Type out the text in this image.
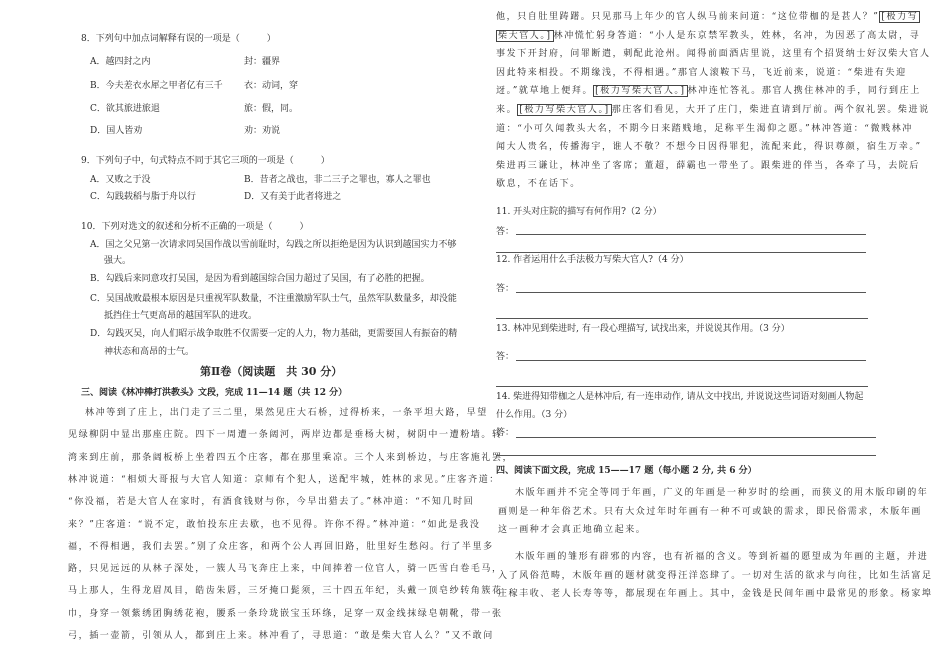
8．下列句中加点词解释有误的一项是（　　　）
A．越四封之内	封：疆界
B．今夫差衣水犀之甲者亿有三千 衣：动词，穿
C．欲其旅进旅退	旅：假，同。
D．国人皆劝	劝：劝说
9．下列句子中，句式特点不同于其它三项的一项是（　　　）
A．又败之于没	B．昔者之战也，非二三子之罪也，寡人之罪也
C．勾践载稻与脂于舟以行	D．又有美于此者将进之
10．下列对选文的叙述和分析不正确的一项是（　　　）
A．国之父兄第一次请求同吴国作战以雪前耻时，勾践之所以拒绝是因为认识到越国实力不够
强大。
B．勾践后来同意攻打吴国，是因为看到越国综合国力超过了吴国，有了必胜的把握。
C．吴国战败最根本原因是只重视军队数量，不注重激励军队士气，虽然军队数量多，却没能
抵挡住士气更高昂的越国军队的进攻。
D．勾践灭吴，向人们昭示战争取胜不仅需要一定的人力，物力基础，更需要国人有振奋的精
神状态和高昂的士气。
第Ⅱ卷（阅读题　共 30 分）
三、阅读《林冲棒打洪教头》文段，完成 11—14 题（共 12 分）
林冲等到了庄上，出门走了三二里，果然见庄大石桥，过得桥来，一条平坦大路，早望
见绿柳阴中显出那座庄院。四下一周遭一条阔河，两岸边都是垂杨大树，树阴中一遭粉墙。转
湾来到庄前，那条阔板桥上坐着四五个庄客，都在那里乘凉。三个人来到桥边，与庄客施礼罢，
林冲说道：“相烦大哥报与大官人知道：京师有个犯人，送配牢城，姓林的求见。”庄客齐道：
“你没福，若是大官人在家时，有酒食钱财与你，今早出猎去了。”林冲道：“不知几时回
来？”庄客道：“说不定，敢怕投东庄去歇，也不见得。许你不得。”林冲道：“如此是我没
福，不得相遇，我们去罢。”别了众庄客，和两个公人再回旧路，肚里好生愁闷。行了半里多
路，只见远远的从林子深处，一簇人马飞奔庄上来，中间捧着一位官人，骑一匹雪白卷毛马，
马上那人，生得龙眉凤目，皓齿朱唇，三牙掩口髭须，三十四五年纪，头戴一顶皂纱转角簇花
巾，身穿一领紫绣团胸绣花袍，腰系一条玲珑嵌宝玉环绦，足穿一双金线抹绿皂朝靴，带一张
弓，插一壶箭，引领从人，都到庄上来。林冲看了，寻思道：“敢是柴大官人么？”又不敢问
他，只自肚里踌躇。只见那马上年少的官人纵马前来问道：“这位带枷的是甚人？” [极力写
柴大官人。] 林冲慌忙躬身答道：“小人是东京禁军教头，姓林，名冲，为因恶了高太尉，寻
事发下开封府，问罪断遣，刺配此沧州。闻得前面酒店里说，这里有个招贤纳士好汉柴大官人
因此特来相投。不期缘浅，不得相遇。”那官人滚鞍下马，飞近前来，说道：“柴进有失迎
迓。”就草地上便拜。 [极力写柴大官人。] 林冲连忙答礼。那官人携住林冲的手，同行到庄上
来。 [极力写柴大官人。] 那庄客们看见，大开了庄门，柴进直请到厅前。两个叙礼罢。柴进说
道：“小可久闻教头大名，不期今日来踏贱地，足称平生渴仰之愿。”林冲答道：“微贱林冲
闻大人贵名，传播海宇，谁人不敬？不想今日因得罪犯，流配来此，得识尊颜，宿生万幸。”
柴进再三谦让，林冲坐了客席；董超，薛霸也一带坐了。跟柴进的伴当，各牵了马，去院后
歇息，不在话下。
11. 开头对庄院的描写有何作用?（2 分）
答：
12. 作者运用什么手法极力写柴大官人?（4 分）
答：
13. 林冲见到柴进时, 有一段心理描写, 试找出来，并说说其作用。（3 分）
答：
14. 柴进得知带枷之人是林冲后, 有一连串动作, 请从文中找出, 并说说这些词语对刻画人物起
什么作用。（3 分）
答：
四、阅读下面文段，完成 15——17 题（每小题 2 分, 共 6 分）
木版年画并不完全等同于年画，广义的年画是一种岁时的绘画，而狭义的用木版印刷的年
画则是一种年俗艺术。只有大众过年时年画有一种不可或缺的需求，即民俗需求，木版年画
这一画种才会真正地确立起来。
木版年画的雏形有辟邪的内容，也有祈福的含义。等到祈福的愿望成为年画的主题，并进
入了风俗范畴，木版年画的题材就变得汪洋恣肆了。一切对生活的欲求与向往，比如生活富足
庄稼丰收、老人长寿等等，都展现在年画上。其中，金钱是民间年画中最常见的形象。杨家埠
